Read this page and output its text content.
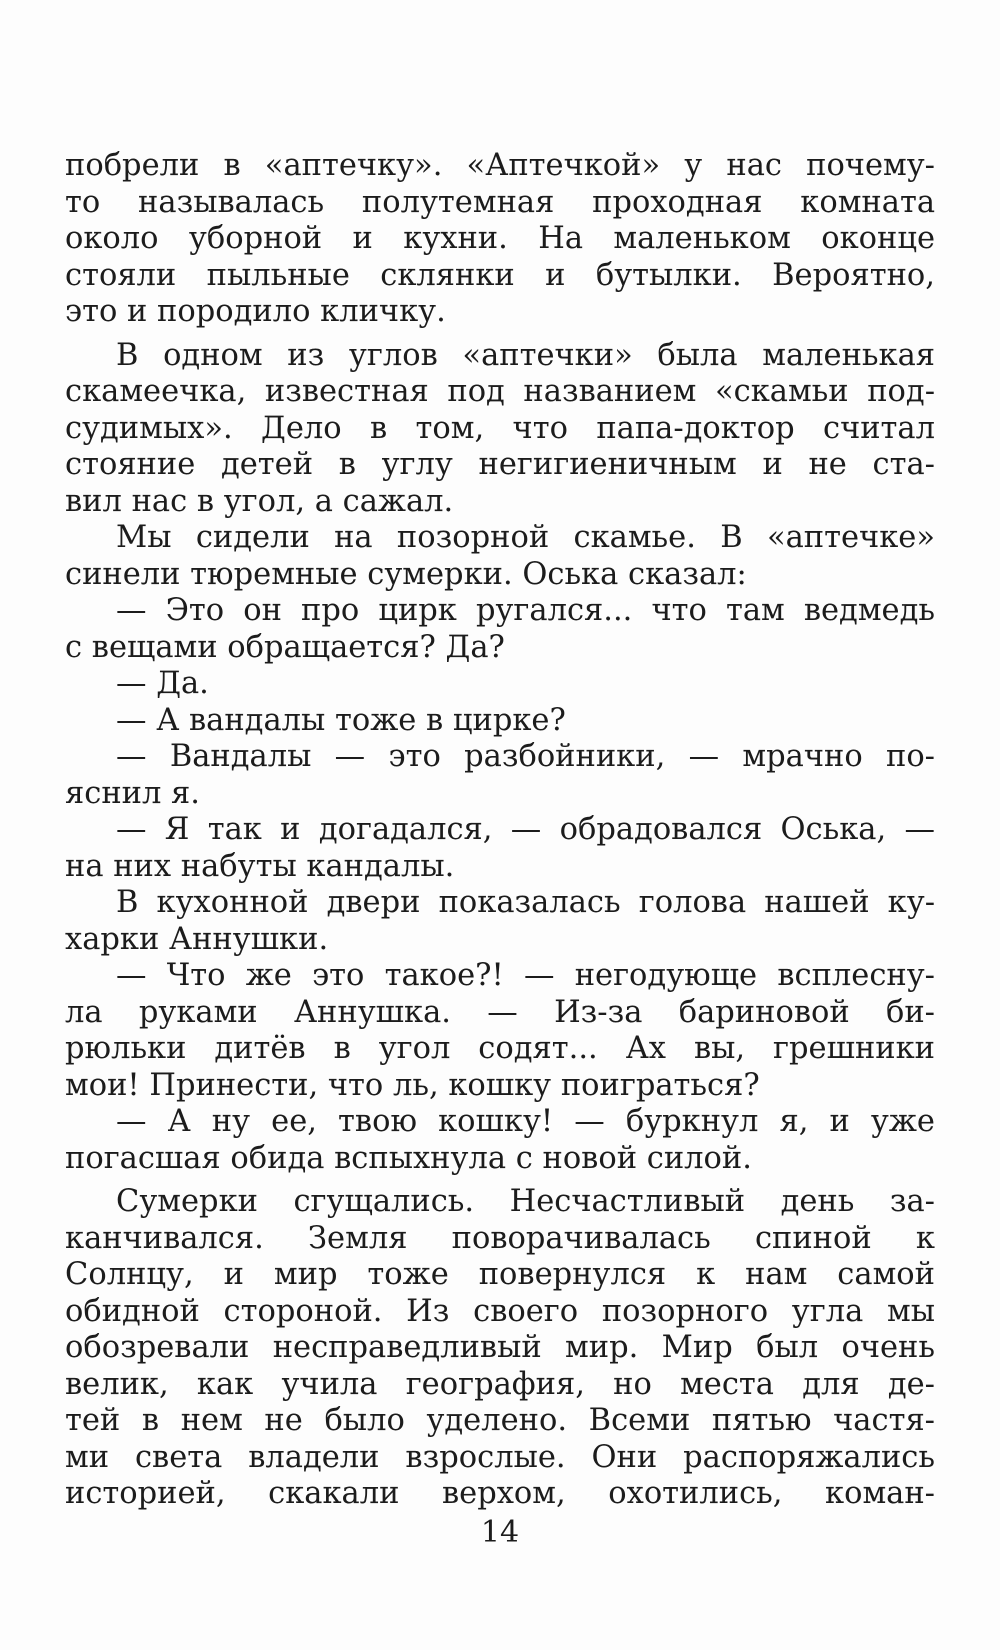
побрели в «аптечку». «Аптечкой» у нас почему-
то называлась полутемная проходная комната
около уборной и кухни. На маленьком оконце
стояли пыльные склянки и бутылки. Вероятно,
это и породило кличку.
В одном из углов «аптечки» была маленькая
скамеечка, известная под названием «скамьи под-
судимых». Дело в том, что папа-доктор считал
стояние детей в углу негигиеничным и не ста-
вил нас в угол, а сажал.
Мы сидели на позорной скамье. В «аптечке»
синели тюремные сумерки. Оська сказал:
— Это он про цирк ругался... что там ведмедь
с вещами обращается? Да?
— Да.
— А вандалы тоже в цирке?
— Вандалы — это разбойники, — мрачно по-
яснил я.
— Я так и догадался, — обрадовался Оська, —
на них набуты кандалы.
В кухонной двери показалась голова нашей ку-
харки Аннушки.
— Что же это такое?! — негодующе всплесну-
ла руками Аннушка. — Из-за бариновой би-
рюльки дитёв в угол содят... Ах вы, грешники
мои! Принести, что ль, кошку поиграться?
— А ну ее, твою кошку! — буркнул я, и уже
погасшая обида вспыхнула с новой силой.
Сумерки сгущались. Несчастливый день за-
канчивался. Земля поворачивалась спиной к
Солнцу, и мир тоже повернулся к нам самой
обидной стороной. Из своего позорного угла мы
обозревали несправедливый мир. Мир был очень
велик, как учила география, но места для де-
тей в нем не было уделено. Всеми пятью частя-
ми света владели взрослые. Они распоряжались
историей, скакали верхом, охотились, коман-
14
